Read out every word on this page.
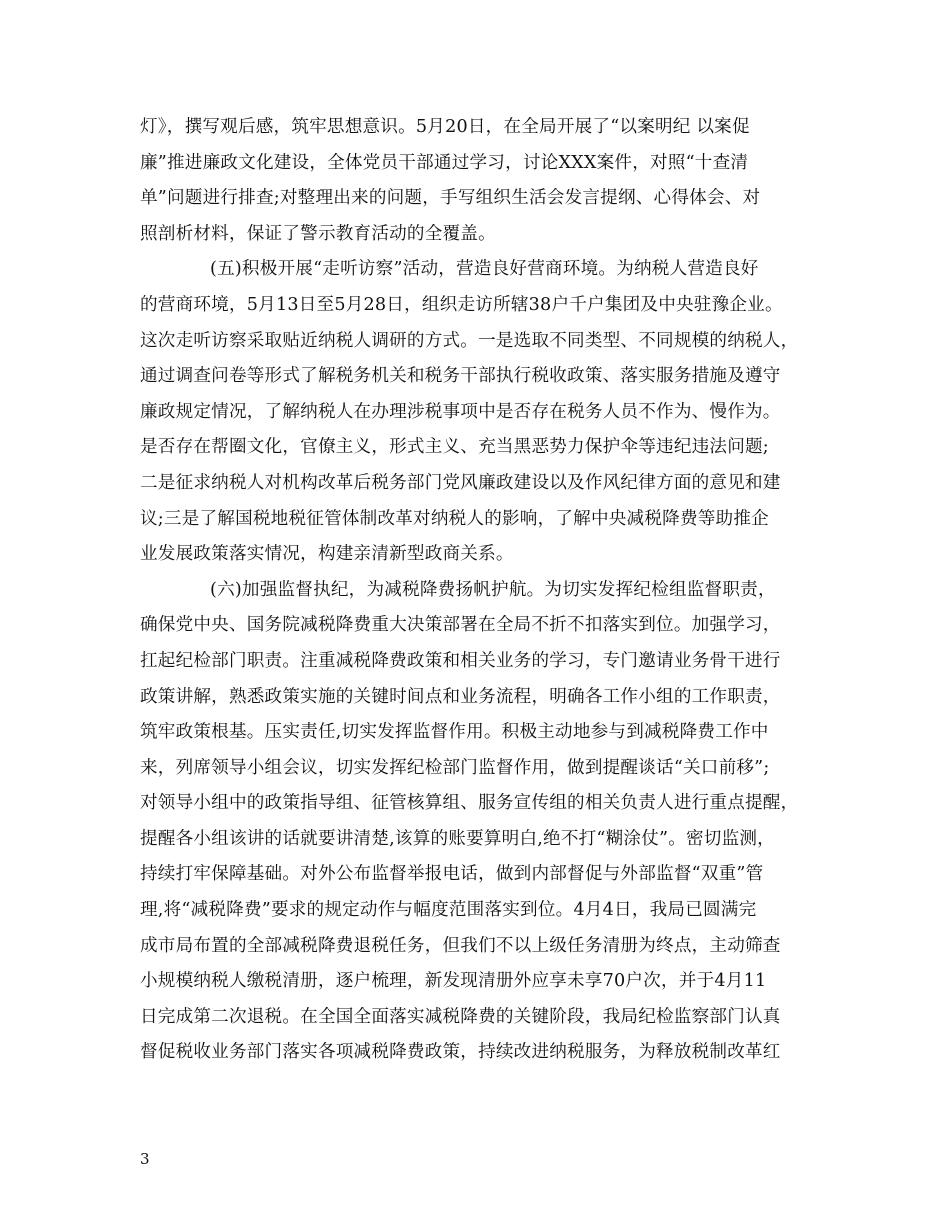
灯》，撰写观后感，筑牢思想意识。5月20日，在全局开展了“以案明纪 以案促
廉”推进廉政文化建设，全体党员干部通过学习，讨论XXX案件，对照“十查清
单”问题进行排查;对整理出来的问题，手写组织生活会发言提纲、心得体会、对
照剖析材料，保证了警示教育活动的全覆盖。
(五)积极开展“走听访察”活动，营造良好营商环境。为纳税人营造良好
的营商环境，5月13日至5月28日，组织走访所辖38户千户集团及中央驻豫企业。
这次走听访察采取贴近纳税人调研的方式。一是选取不同类型、不同规模的纳税人，
通过调查问卷等形式了解税务机关和税务干部执行税收政策、落实服务措施及遵守
廉政规定情况，了解纳税人在办理涉税事项中是否存在税务人员不作为、慢作为。
是否存在帮圈文化，官僚主义，形式主义、充当黑恶势力保护伞等违纪违法问题;
二是征求纳税人对机构改革后税务部门党风廉政建设以及作风纪律方面的意见和建
议;三是了解国税地税征管体制改革对纳税人的影响，了解中央减税降费等助推企
业发展政策落实情况，构建亲清新型政商关系。
(六)加强监督执纪，为减税降费扬帆护航。为切实发挥纪检组监督职责，
确保党中央、国务院减税降费重大决策部署在全局不折不扣落实到位。加强学习，
扛起纪检部门职责。注重减税降费政策和相关业务的学习，专门邀请业务骨干进行
政策讲解，熟悉政策实施的关键时间点和业务流程，明确各工作小组的工作职责，
筑牢政策根基。压实责任,切实发挥监督作用。积极主动地参与到减税降费工作中
来，列席领导小组会议，切实发挥纪检部门监督作用，做到提醒谈话“关口前移”;
对领导小组中的政策指导组、征管核算组、服务宣传组的相关负责人进行重点提醒，
提醒各小组该讲的话就要讲清楚,该算的账要算明白,绝不打“糊涂仗”。密切监测，
持续打牢保障基础。对外公布监督举报电话，做到内部督促与外部监督“双重”管
理,将“减税降费”要求的规定动作与幅度范围落实到位。4月4日，我局已圆满完
成市局布置的全部减税降费退税任务，但我们不以上级任务清册为终点，主动筛查
小规模纳税人缴税清册，逐户梳理，新发现清册外应享未享70户次，并于4月11
日完成第二次退税。在全国全面落实减税降费的关键阶段，我局纪检监察部门认真
督促税收业务部门落实各项减税降费政策，持续改进纳税服务，为释放税制改革红
3
